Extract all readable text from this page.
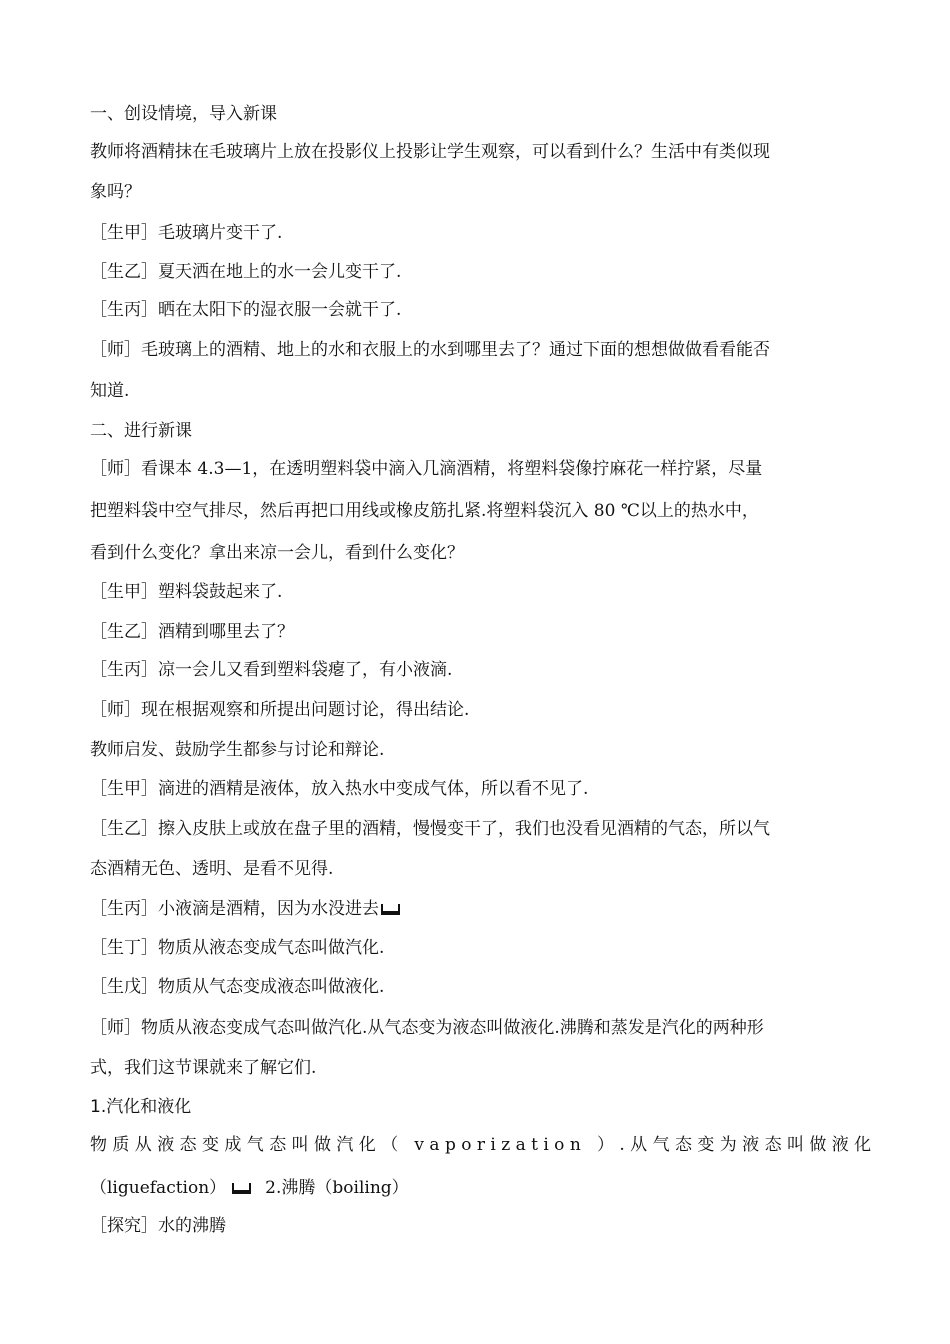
一、创设情境，导入新课
教师将酒精抹在毛玻璃片上放在投影仪上投影让学生观察，可以看到什么？生活中有类似现
象吗？
［生甲］毛玻璃片变干了.
［生乙］夏天洒在地上的水一会儿变干了.
［生丙］晒在太阳下的湿衣服一会就干了.
［师］毛玻璃上的酒精、地上的水和衣服上的水到哪里去了？通过下面的想想做做看看能否
知道.
二、进行新课
［师］看课本 4.3—1，在透明塑料袋中滴入几滴酒精，将塑料袋像拧麻花一样拧紧，尽量
把塑料袋中空气排尽，然后再把口用线或橡皮筋扎紧.将塑料袋沉入 80 ℃以上的热水中，
看到什么变化？拿出来凉一会儿，看到什么变化？
［生甲］塑料袋鼓起来了.
［生乙］酒精到哪里去了？
［生丙］凉一会儿又看到塑料袋瘪了，有小液滴.
［师］现在根据观察和所提出问题讨论，得出结论.
教师启发、鼓励学生都参与讨论和辩论.
［生甲］滴进的酒精是液体，放入热水中变成气体，所以看不见了.
［生乙］擦入皮肤上或放在盘子里的酒精，慢慢变干了，我们也没看见酒精的气态，所以气
态酒精无色、透明、是看不见得.
［生丙］小液滴是酒精，因为水没进去
［生丁］物质从液态变成气态叫做汽化.
［生戊］物质从气态变成液态叫做液化.
［师］物质从液态变成气态叫做汽化.从气态变为液态叫做液化.沸腾和蒸发是汽化的两种形
式，我们这节课就来了解它们.
1.汽化和液化
物质从液态变成气态叫做汽化（ vaporization ）.从气态变为液态叫做液化
（liguefaction） 2.沸腾（boiling）
［探究］水的沸腾
